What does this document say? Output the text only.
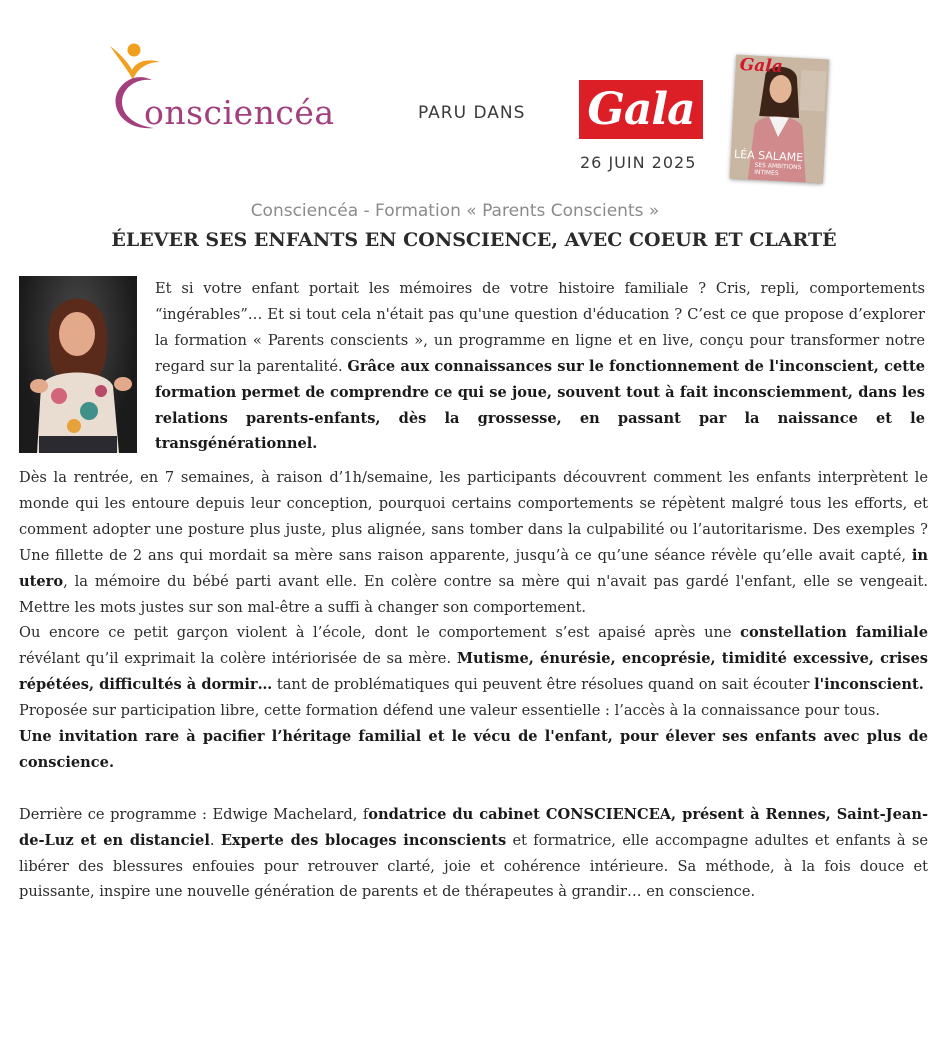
onsciencéa	PARU DANS Gala
26 JUIN 2025
Gala
LÉA SALAME
SES AMBITIONS INTIMES
Consciencéa - Formation « Parents Conscients »
ÉLEVER SES ENFANTS EN CONSCIENCE, AVEC COEUR ET CLARTÉ
Et si votre enfant portait les mémoires de votre histoire familiale ? Cris, repli, comportements “ingérables”… Et si tout cela n'était pas qu'une question d'éducation ? C’est ce que propose d’explorer la formation « Parents conscients », un programme en ligne et en live, conçu pour transformer notre regard sur la parentalité. Grâce aux connaissances sur le fonctionnement de l'inconscient, cette formation permet de comprendre ce qui se joue, souvent tout à fait inconsciemment, dans les relations parents-enfants, dès la grossesse, en passant par la naissance et le transgénérationnel.

Dès la rentrée, en 7 semaines, à raison d’1h/semaine, les participants découvrent comment les enfants interprètent le monde qui les entoure depuis leur conception, pourquoi certains comportements se répètent malgré tous les efforts, et comment adopter une posture plus juste, plus alignée, sans tomber dans la culpabilité ou l’autoritarisme. Des exemples ? Une fillette de 2 ans qui mordait sa mère sans raison apparente, jusqu’à ce qu’une séance révèle qu’elle avait capté, in utero, la mémoire du bébé parti avant elle. En colère contre sa mère qui n'avait pas gardé l'enfant, elle se vengeait. Mettre les mots justes sur son mal-être a suffi à changer son comportement.

Ou encore ce petit garçon violent à l’école, dont le comportement s’est apaisé après une constellation familiale révélant qu’il exprimait la colère intériorisée de sa mère. Mutisme, énurésie, encoprésie, timidité excessive, crises répétées, difficultés à dormir… tant de problématiques qui peuvent être résolues quand on sait écouter l'inconscient.

Proposée sur participation libre, cette formation défend une valeur essentielle : l’accès à la connaissance pour tous.

Une invitation rare à pacifier l’héritage familial et le vécu de l'enfant, pour élever ses enfants avec plus de conscience.

Derrière ce programme : Edwige Machelard, fondatrice du cabinet CONSCIENCEA, présent à Rennes, Saint-Jean-de-Luz et en distanciel. Experte des blocages inconscients et formatrice, elle accompagne adultes et enfants à se libérer des blessures enfouies pour retrouver clarté, joie et cohérence intérieure. Sa méthode, à la fois douce et puissante, inspire une nouvelle génération de parents et de thérapeutes à grandir… en conscience.
